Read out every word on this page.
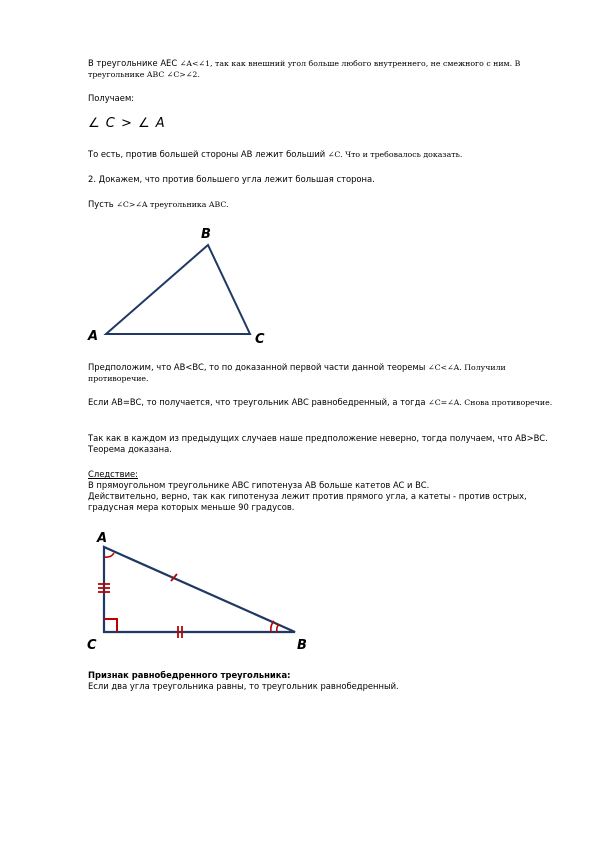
В треугольнике AEC ∠A<∠1, так как внешний угол больше любого внутреннего, не смежного с ним. В треугольнике ABC ∠C>∠2.

Получаем:

∠ C > ∠ A

То есть, против большей стороны AB лежит больший ∠C. Что и требовалось доказать.

2. Докажем, что против большего угла лежит большая сторона.

Пусть ∠C>∠A треугольника ABC.

A
B
C

Предположим, что AB<BC, то по доказанной первой части данной теоремы ∠C<∠A. Получили противоречие.

Если AB=BC, то получается, что треугольник ABC равнобедренный, а тогда ∠C=∠A. Снова противоречие.

Так как в каждом из предыдущих случаев наше предположение неверно, тогда получаем, что AB>BC. Теорема доказана.

Следствие:
В прямоугольном треугольнике ABC гипотенуза AB больше катетов AC и BC.
Действительно, верно, так как гипотенуза лежит против прямого угла, а катеты - против острых, градусная мера которых меньше 90 градусов.
A
C	B
Признак равнобедренного треугольника:
Если два угла треугольника равны, то треугольник равнобедренный.
